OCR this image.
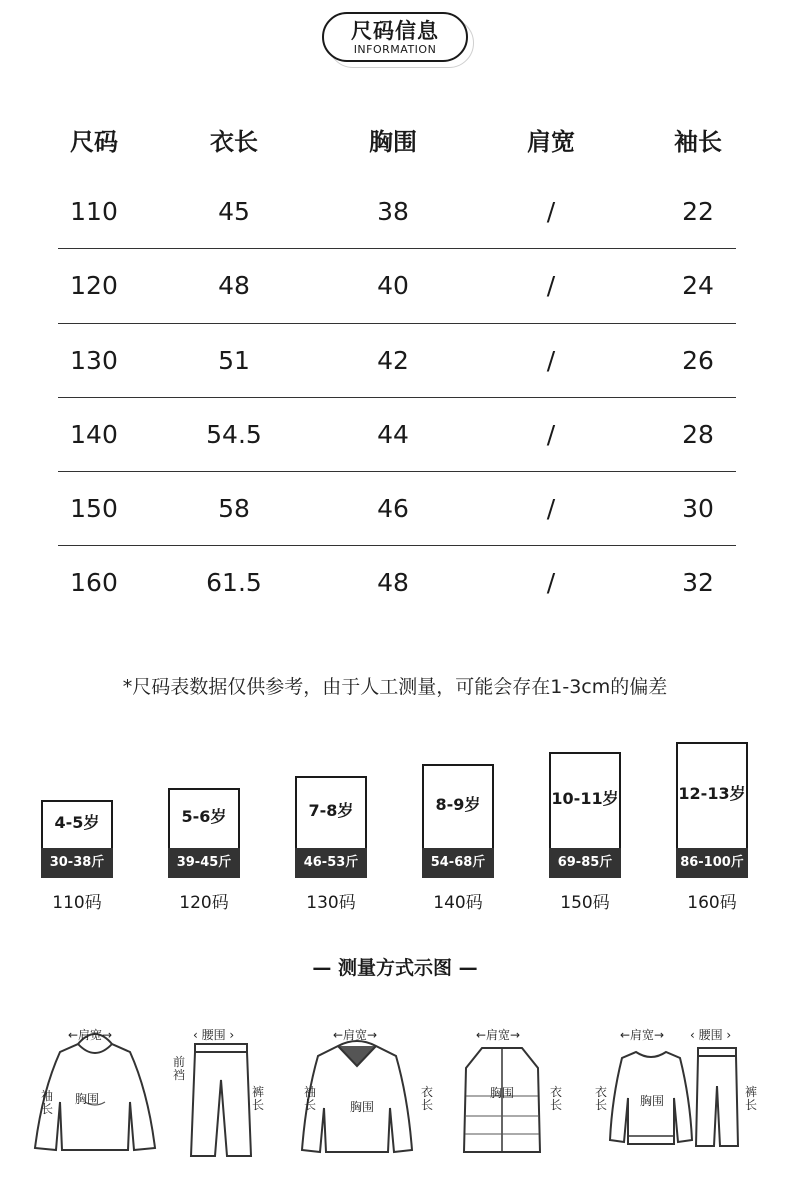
尺码信息
INFORMATION
尺码	衣长	胸围	肩宽	袖长
110	45	38	/	22
120	48	40	/	24
130	51	42	/	26
140	54.5	44	/	28
150	58	46	/	30
160	61.5	48	/	32
*尺码表数据仅供参考，由于人工测量，可能会存在1-3cm的偏差
4-5岁
30-38斤
110码
5-6岁
39-45斤
120码
7-8岁
46-53斤
130码
8-9岁
54-68斤
140码
10-11岁
69-85斤
150码
12-13岁
86-100斤
160码
— 测量方式示图 —
←肩宽→
胸围
袖长
‹ 腰围 ›
前裆
裤长
←肩宽→
胸围
袖长
衣长
←肩宽→
胸围	衣长
←肩宽→ ‹ 腰围 ›
胸围
衣长
裤长
